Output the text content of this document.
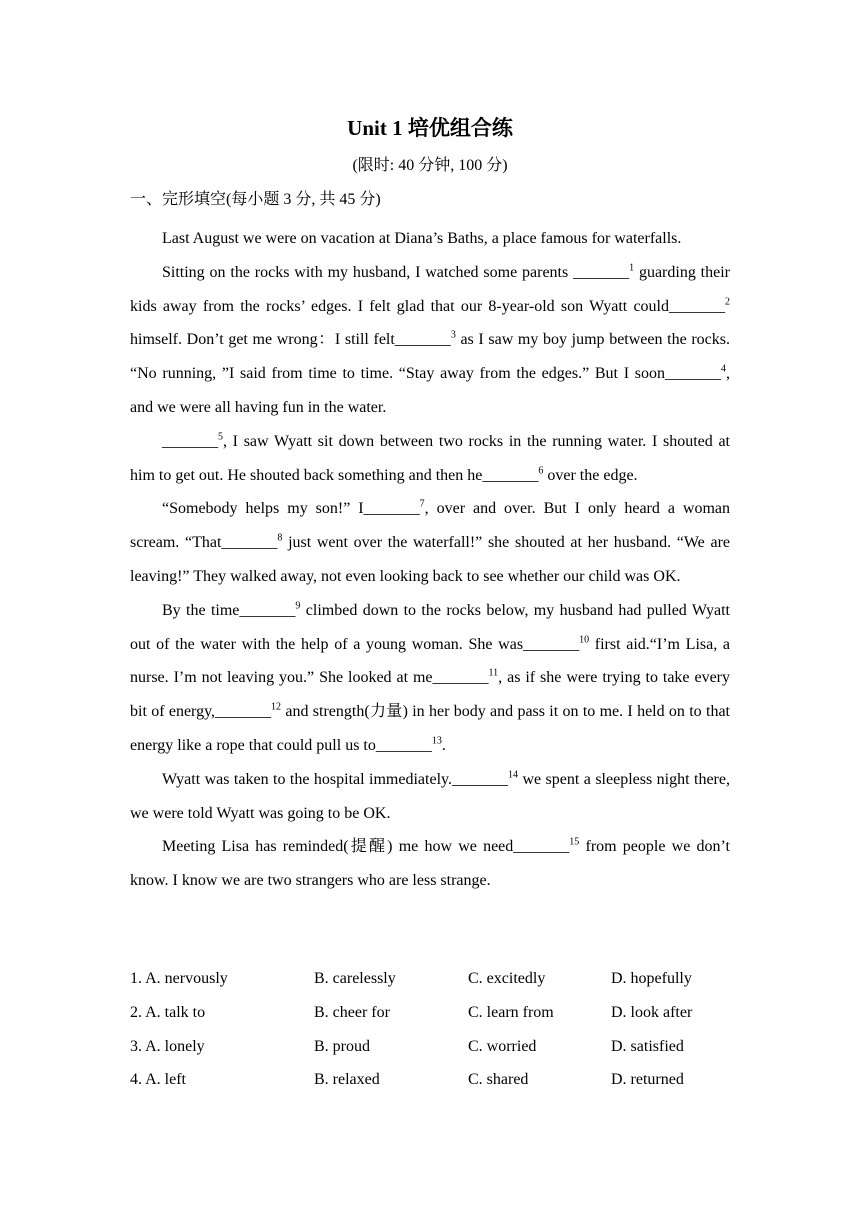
Unit 1 培优组合练
(限时: 40 分钟, 100 分)
一、完形填空(每小题 3 分, 共 45 分)

Last August we were on vacation at Diana’s Baths, a place famous for waterfalls.

Sitting on the rocks with my husband, I watched some parents _______$^1$ guarding their kids away from the rocks’ edges. I felt glad that our 8-year-old son Wyatt could_______$^2$ himself. Don’t get me wrong：I still felt_______$^3$ as I saw my boy jump between the rocks. “No running, ”I said from time to time. “Stay away from the edges.” But I soon_______$^4$, and we were all having fun in the water.

_______$^5$, I saw Wyatt sit down between two rocks in the running water. I shouted at him to get out. He shouted back something and then he_______$^6$ over the edge.

“Somebody helps my son!” I_______$^7$, over and over. But I only heard a woman scream. “That_______$^8$ just went over the waterfall!” she shouted at her husband. “We are leaving!” They walked away, not even looking back to see whether our child was OK.

By the time_______$^9$ climbed down to the rocks below, my husband had pulled Wyatt out of the water with the help of a young woman. She was_______$^{10}$ first aid.“I’m Lisa, a nurse. I’m not leaving you.” She looked at me_______$^{11}$, as if she were trying to take every bit of energy,_______$^{12}$ and strength(力量) in her body and pass it on to me. I held on to that energy like a rope that could pull us to_______$^{13}$.

Wyatt was taken to the hospital immediately._______$^{14}$ we spent a sleepless night there, we were told Wyatt was going to be OK.

Meeting Lisa has reminded(提醒) me how we need_______$^{15}$ from people we don’t know. I know we are two strangers who are less strange.

1. A. nervously	B. carelessly	C. excitedly	D. hopefully
2. A. talk to	B. cheer for	C. learn from	D. look after
3. A. lonely	B. proud	C. worried	D. satisfied
4. A. left	B. relaxed	C. shared	D. returned
